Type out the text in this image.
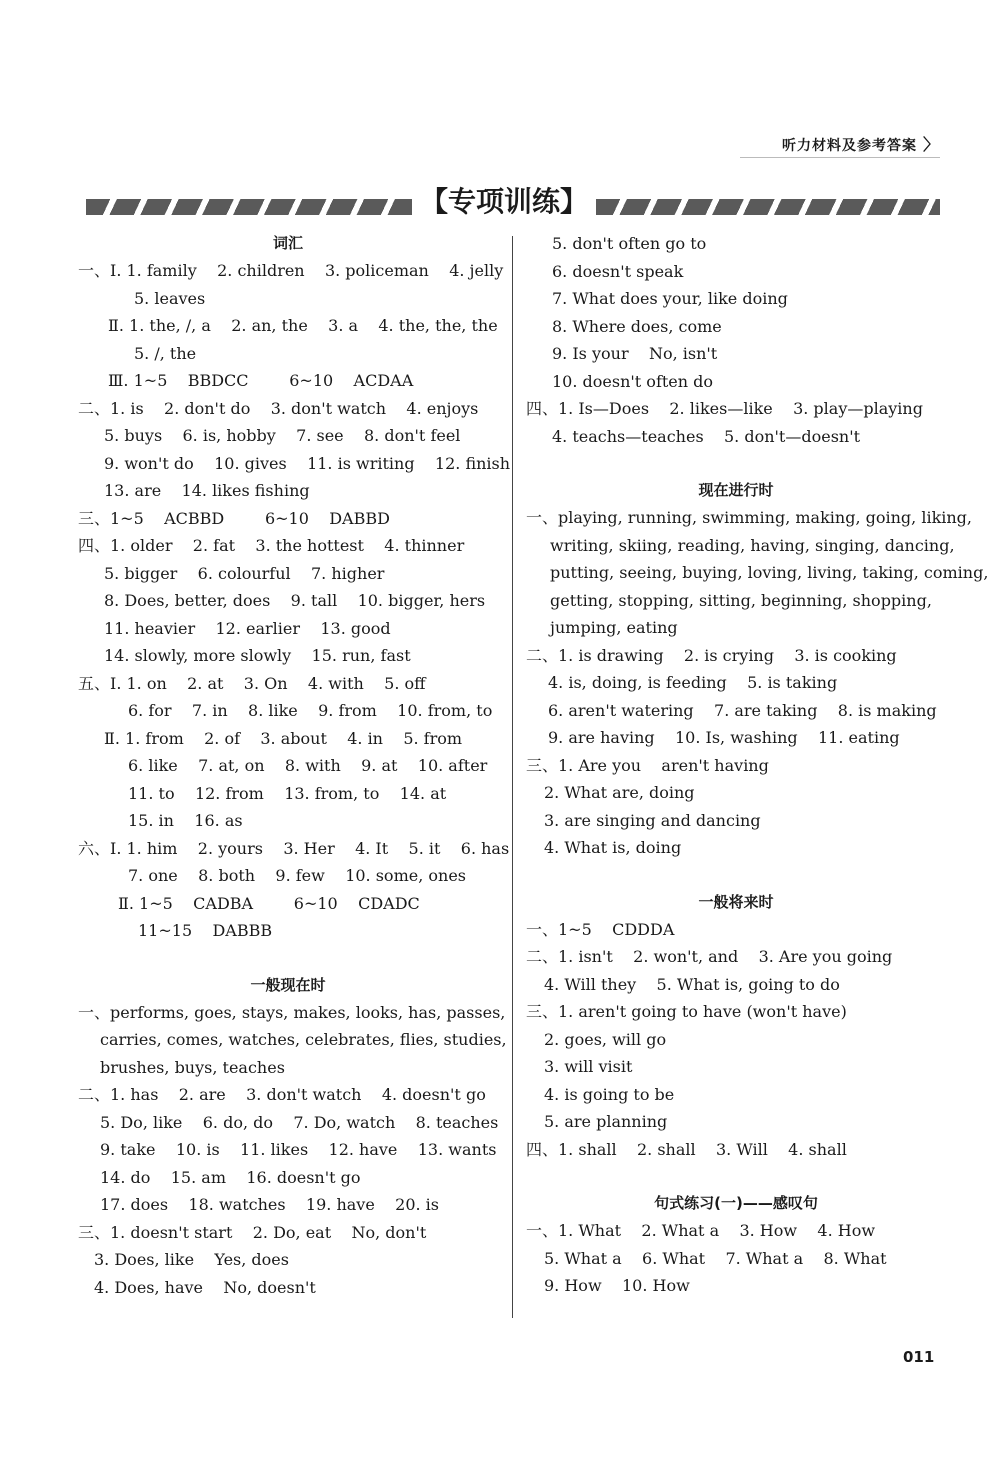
听力材料及参考答案 〉
【专项训练】
词汇
一、Ⅰ. 1. family    2. children    3. policeman    4. jelly
5. leaves
Ⅱ. 1. the, /, a    2. an, the    3. a    4. the, the, the
5. /, the
Ⅲ. 1~5    BBDCC        6~10    ACDAA
二、1. is    2. don't do    3. don't watch    4. enjoys
5. buys    6. is, hobby    7. see    8. don't feel
9. won't do    10. gives    11. is writing    12. finish
13. are    14. likes fishing
三、1~5    ACBBD        6~10    DABBD
四、1. older    2. fat    3. the hottest    4. thinner
5. bigger    6. colourful    7. higher
8. Does, better, does    9. tall    10. bigger, hers
11. heavier    12. earlier    13. good
14. slowly, more slowly    15. run, fast
五、Ⅰ. 1. on    2. at    3. On    4. with    5. off
6. for    7. in    8. like    9. from    10. from, to
Ⅱ. 1. from    2. of    3. about    4. in    5. from
6. like    7. at, on    8. with    9. at    10. after
11. to    12. from    13. from, to    14. at
15. in    16. as
六、Ⅰ. 1. him    2. yours    3. Her    4. It    5. it    6. has
7. one    8. both    9. few    10. some, ones
Ⅱ. 1~5    CADBA        6~10    CDADC
11~15    DABBB
一般现在时
一、performs, goes, stays, makes, looks, has, passes,
carries, comes, watches, celebrates, flies, studies,
brushes, buys, teaches
二、1. has    2. are    3. don't watch    4. doesn't go
5. Do, like    6. do, do    7. Do, watch    8. teaches
9. take    10. is    11. likes    12. have    13. wants
14. do    15. am    16. doesn't go
17. does    18. watches    19. have    20. is
三、1. doesn't start    2. Do, eat    No, don't
3. Does, like    Yes, does
4. Does, have    No, doesn't
5. don't often go to
6. doesn't speak
7. What does your, like doing
8. Where does, come
9. Is your    No, isn't
10. doesn't often do
四、1. Is—Does    2. likes—like    3. play—playing
4. teachs—teaches    5. don't—doesn't
现在进行时
一、playing, running, swimming, making, going, liking,
writing, skiing, reading, having, singing, dancing,
putting, seeing, buying, loving, living, taking, coming,
getting, stopping, sitting, beginning, shopping,
jumping, eating
二、1. is drawing    2. is crying    3. is cooking
4. is, doing, is feeding    5. is taking
6. aren't watering    7. are taking    8. is making
9. are having    10. Is, washing    11. eating
三、1. Are you    aren't having
2. What are, doing
3. are singing and dancing
4. What is, doing
一般将来时
一、1~5    CDDDA
二、1. isn't    2. won't, and    3. Are you going
4. Will they    5. What is, going to do
三、1. aren't going to have (won't have)
2. goes, will go
3. will visit
4. is going to be
5. are planning
四、1. shall    2. shall    3. Will    4. shall
句式练习(一)——感叹句
一、1. What    2. What a    3. How    4. How
5. What a    6. What    7. What a    8. What
9. How    10. How
011
